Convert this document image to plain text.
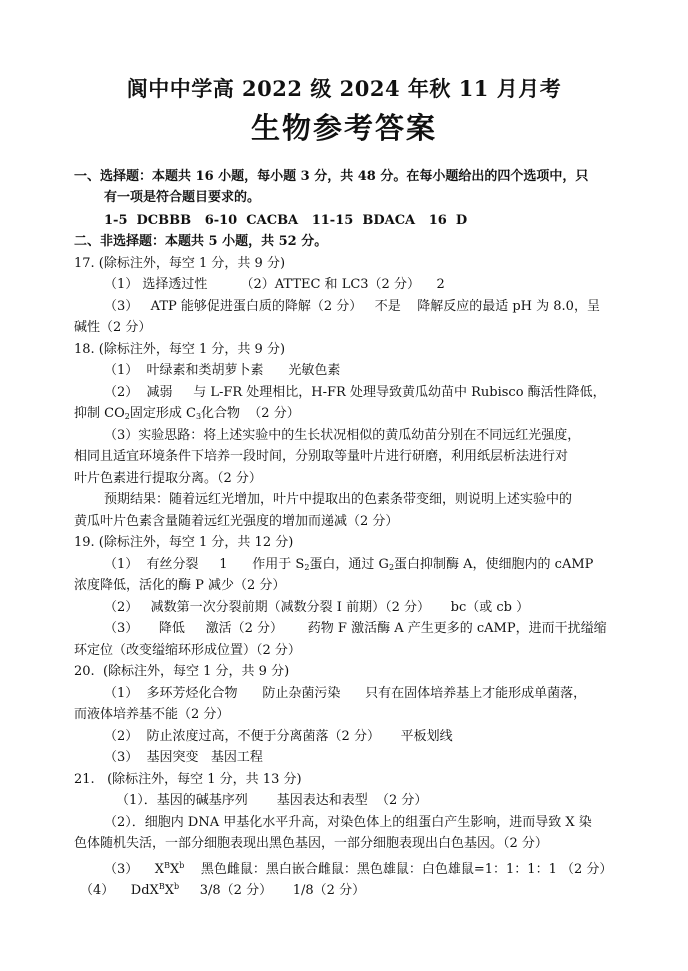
阆中中学高 2022 级 2024 年秋 11 月月考
生物参考答案
一、选择题：本题共 16 小题，每小题 3 分，共 48 分。在每小题给出的四个选项中，只
有一项是符合题目要求的。
1-5  DCBBB   6-10  CACBA   11-15  BDACA   16  D
二、非选择题：本题共 5 小题，共 52 分。
17. (除标注外，每空 1 分，共 9 分)
（1） 选择透过性        （2）ATTEC 和 LC3（2 分）    2
（3）   ATP 能够促进蛋白质的降解（2 分）   不是    降解反应的最适 pH 为 8.0，呈
碱性（2 分）
18. (除标注外，每空 1 分，共 9 分)
（1）  叶绿素和类胡萝卜素      光敏色素
（2）  减弱     与 L-FR 处理相比，H-FR 处理导致黄瓜幼苗中 Rubisco 酶活性降低，
抑制 $CO_2$固定形成 $C_3$化合物  （2 分）
（3）实验思路：将上述实验中的生长状况相似的黄瓜幼苗分别在不同远红光强度，
相同且适宜环境条件下培养一段时间，分别取等量叶片进行研磨，利用纸层析法进行对
叶片色素进行提取分离。（2 分）
预期结果：随着远红光增加，叶片中提取出的色素条带变细，则说明上述实验中的
黄瓜叶片色素含量随着远红光强度的增加而递减（2 分）
19. (除标注外，每空 1 分，共 12 分)
（1）  有丝分裂     1      作用于 $S_2$蛋白，通过 $G_2$蛋白抑制酶 A，使细胞内的 cAMP
浓度降低，活化的酶 P 减少（2 分）
（2）   减数第一次分裂前期（减数分裂 I 前期）（2 分）     bc（或 cb ）
（3）     降低     激活（2 分）      药物 F 激活酶 A 产生更多的 cAMP，进而干扰缢缩
环定位（改变缢缩环形成位置）（2 分）
20.  (除标注外，每空 1 分，共 9 分)
（1）  多环芳烃化合物      防止杂菌污染      只有在固体培养基上才能形成单菌落，
而液体培养基不能（2 分）
（2）  防止浓度过高，不便于分离菌落（2 分）     平板划线
（3）  基因突变   基因工程
21.   (除标注外，每空 1 分，共 13 分)
（1）．基因的碱基序列       基因表达和表型  （2 分）
（2）．细胞内 DNA 甲基化水平升高，对染色体上的组蛋白产生影响，进而导致 X 染
色体随机失活，一部分细胞表现出黑色基因，一部分细胞表现出白色基因。（2 分）
（3）    $X^BX^b$    黑色雌鼠：黑白嵌合雌鼠：黑色雄鼠：白色雄鼠=1：1：1：1 （2 分）
（4）    $DdX^BX^b$     3/8（2 分）     1/8（2 分）
